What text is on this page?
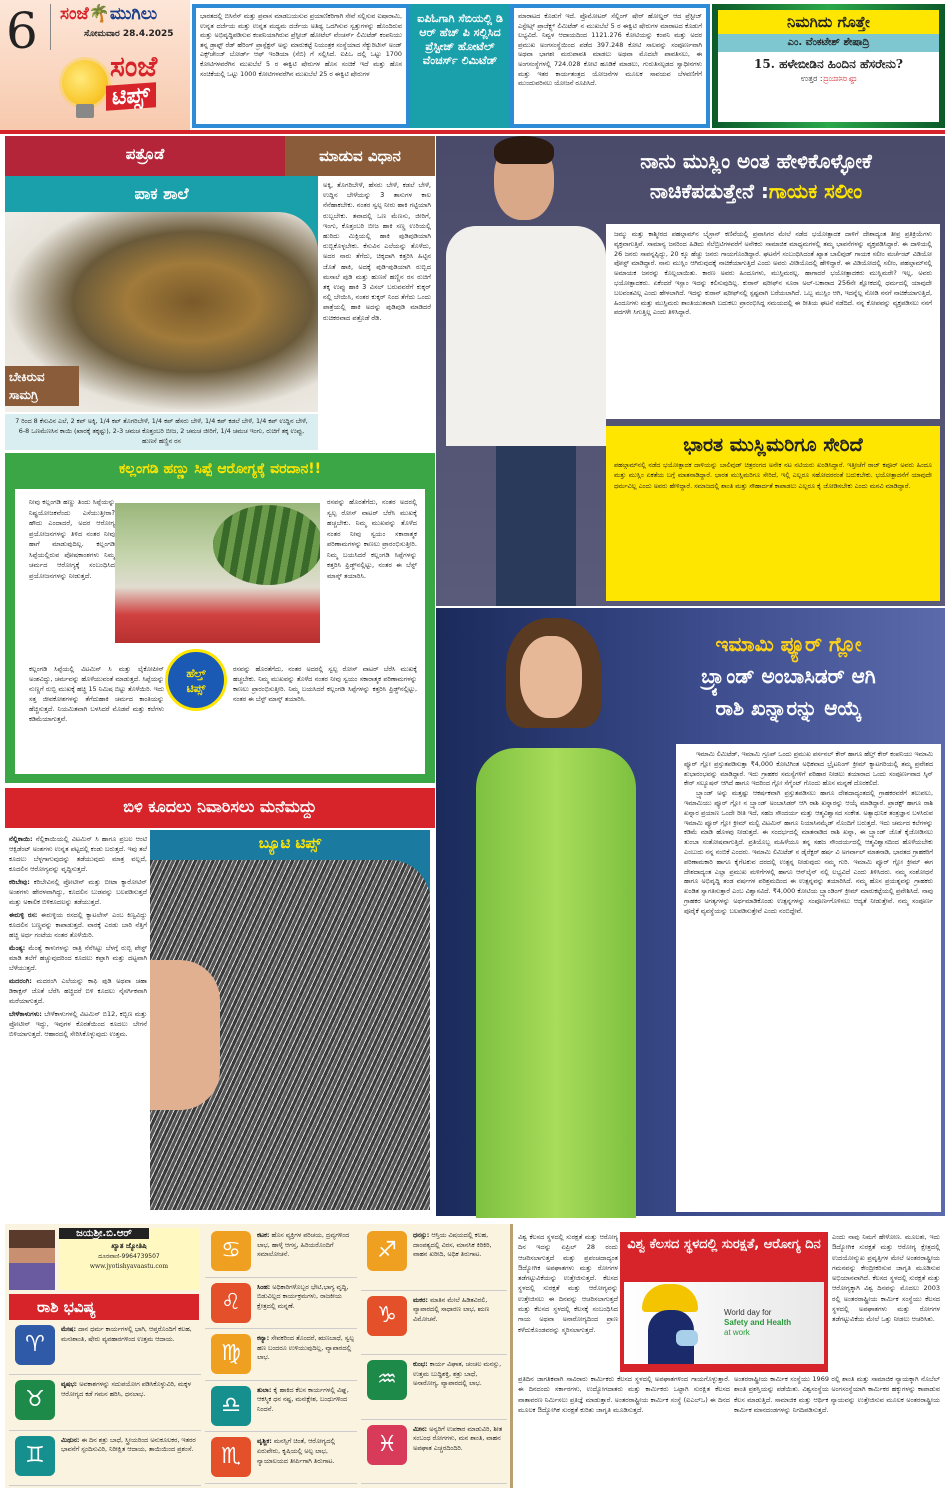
6 ಸಂಜೆ🌴ಮುಗಿಲು
ಸೋಮವಾರ 28.4.2025
ಸಂಜೆ
ಟಿಪ್ಸ್
ಭಾರತದಲ್ಲಿ ಬಿಸಿನೆಸ್ ಮತ್ತು ಪ್ರವಾಸ ಮಾಡಬಯಸುವ ಪ್ರಯಾಣಿಕರಿಗಾಗಿ ಸೇವೆ ಸಲ್ಲಿಸುವ ಐಷಾರಾಮಿ, ಉನ್ನತ ದರ್ಜೆಯ ಮತ್ತು ಉನ್ನತ ಮಧ್ಯಮ ದರ್ಜೆಯ ಅತಿಥ್ಯ ಒದಗಿಸುವ ಸ್ವತ್ತುಗಳನ್ನು ಹೊಂದಿರುವ ಮತ್ತು ಅಭಿವೃದ್ಧಿಪಡಿಸುವ ಕಂಪನಿಯಾಗಿರುವ ಪ್ರೆಸ್ಟೀಜ್ ಹೋಟೆಲ್ ವೆಂಚರ್ಸ್ ಲಿಮಿಟೆಡ್ ಕಂಪನಿಯು ತನ್ನ ಡ್ರಾಫ್ಟ್ ರೆಡ್ ಹೆರಿಂಗ್ ಪ್ರಾಸ್ಪೆಕ್ಟಸ್ ಅನ್ನು ಮಾರುಕಟ್ಟೆ ನಿಯಂತ್ರಕ ಸಂಸ್ಥೆಯಾದ ಸೆಕ್ಯುರಿಟೀಸ್ ಅಂಡ್ ಎಕ್ಸ್‌ಚೇಂಜ್ ಬೋರ್ಡ್ ಆಫ್ ಇಂಡಿಯಾ (ಸೆಬಿ) ಗೆ ಸಲ್ಲಿಸಿದೆ. ಐಪಿಒ ದಲ್ಲಿ ಒಟ್ಟು 1700 ಕೋಟಿಗಳವರೆಗಿನ ಮುಖಬೆಲೆ 5 ರ ಈಕ್ವಿಟಿ ಷೇರುಗಳ ಹೊಸ ಸಂಚಿಕೆ ಇದೆ ಮತ್ತು ಹೊಸ ಸಂಚಿಕೆಯಲ್ಲಿ ಒಟ್ಟು 1000 ಕೋಟಿಗಳವರೆಗಿನ ಮುಖಬೆಲೆ 25 ರ ಈಕ್ವಿಟಿ ಷೇರುಗಳ
ಐಪಿಓಗಾಗಿ ಸೆಬಿಯಲ್ಲಿ ಡಿ ಆರ್ ಹೆಚ್ ಪಿ ಸಲ್ಲಿಸಿದ ಪ್ರೆಸ್ಟೀಜ್ ಹೋಟೆಲ್ ವೆಂಚರ್ಸ್ ಲಿಮಿಟೆಡ್
ಮಾರಾಟದ ಕೊಡುಗೆ ಇದೆ. ಪ್ರೊಮೋಟರ್ ಸೆಲ್ಲಿಂಗ್ ಷೇರ್ ಹೋಲ್ಡರ್ ಆದ ಪ್ರೆಸ್ಟೀಜ್ ಎಸ್ಟೇಟ್ಸ್ ಪ್ರಾಜೆಕ್ಟ್ಸ್ ಲಿಮಿಟೆಡ್ ನ ಮುಖಬೆಲೆ 5 ರ ಈಕ್ವಿಟಿ ಷೇರುಗಳ ಮಾರಾಟದ ಕೊಡುಗೆ ಲಭ್ಯವಿದೆ. ನಿವ್ವಳ ಆದಾಯದಿಂದ 1121.276 ಕೋಟಿಯನ್ನು ಕಂಪನಿ ಮತ್ತು ಅದರ ಪ್ರಮುಖ ಅಂಗಸಂಸ್ಥೆಯಿಂದ ಪಡೆದ 397.248 ಕೋಟಿ ಸಾಲವನ್ನು ಸಂಪೂರ್ಣವಾಗಿ ಅಥವಾ ಭಾಗಶಃ ಮರುಪಾವತಿ ಮಾಡಲು ಅಥವಾ ಮೊದಲೇ ಪಾವತಿಸಲು, ಈ ಅಂಗಸಂಸ್ಥೆಗಳಲ್ಲಿ 724.028 ಕೋಟಿ ಹೂಡಿಕೆ ಮಾಡಲು, ಗುರುತಿಸಲ್ಪಡದ ಸ್ವಾಧೀನಗಳು ಮತ್ತು ಇತರ ಕಾರ್ಯತಂತ್ರದ ಯೋಜನೆಗಳ ಮೂಲಕ ಸಾವಯವ ಬೆಳವಣಿಗೆಗೆ ಮುಂದುವರಿಸಲು ಯೋಜನೆ ರೂಪಿಸಿದೆ.
ನಿಮಗಿದು ಗೊತ್ತೇ
ಎಂ. ವೆಂಕಟೇಶ್ ಶೇಷಾದ್ರಿ
15. ಹಳೇಬೀಡಿನ ಹಿಂದಿನ ಹೆಸರೇನು?
ಉತ್ತರ :ದ್ವಾರಸಮುದ್ರ
ಪತ್ರೊಡೆ	ಮಾಡುವ ವಿಧಾನ
ಪಾಕ ಶಾಲೆ
ಬೇಕಿರುವ ಸಾಮಗ್ರಿ
7 ರಿಂದ 8 ಕೆಸುವಿನ ಎಲೆ, 2 ಕಪ್ ಅಕ್ಕಿ, 1/4 ಕಪ್ ತೊಗರಿಬೇಳೆ, 1/4 ಕಪ್ ಹೆಸರು ಬೇಳೆ, 1/4 ಕಪ್ ಕಡಲೆ ಬೇಳೆ, 1/4 ಕಪ್ ಉದ್ದಿನ ಬೇಳೆ, 6-8 ಒಣಮೆಣಸಿನ ಕಾಯಿ (ಖಾರಕ್ಕೆ ತಕ್ಕಷ್ಟು), 2-3 ಚಮಚ ಕೊತ್ತಂಬರಿ ಬೀಜ, 2 ಚಮಚ ಜೀರಿಗೆ, 1/4 ಚಮಚ ಇಂಗು, ರುಚಿಗೆ ತಕ್ಕ ಉಪ್ಪು, ಹುಣಸೆ ಹಣ್ಣಿನ ರಸ
ಅಕ್ಕಿ, ತೊಗರಿಬೇಳೆ, ಹೆಸರು ಬೇಳೆ, ಕಡಲೆ ಬೇಳೆ, ಉದ್ದಿನ ಬೇಳೆಯನ್ನು 3 ತಾಸುಗಳ ಕಾಲ ನೆನೆಹಾಕಬೇಕು. ನಂತರ ಸ್ವಲ್ಪ ನೀರು ಹಾಕಿ ಗಟ್ಟಿಯಾಗಿ ರುಬ್ಬಬೇಕು. ತವಾದಲ್ಲಿ ಒಣ ಮೆಣಸು, ಜೀರಿಗೆ, ಇಂಗು, ಕೊತ್ತಂಬರಿ ಬೀಜ ಹಾಕಿ ಸಣ್ಣ ಉರಿಯಲ್ಲಿ ಹುರಿದು ಮಿಕ್ಸಿಯಲ್ಲಿ ಹಾಕಿ ಪುಡಿಪುಡಿಯಾಗಿ ರುಬ್ಬಿಕೊಳ್ಳಬೇಕು. ಕೆಸುವಿನ ಎಲೆಯನ್ನು ತೊಳೆದು, ಅದರ ನಾರು ತೆಗೆದು, ಚಿಕ್ಕದಾಗಿ ಕತ್ತರಿಸಿ ಹಿಟ್ಟಿನ ಜೊತೆ ಹಾಕಿ, ಅದಕ್ಕೆ ಪುಡಿ-ಪುಡಿಯಾಗಿ ರುಬ್ಬಿದ ಮಸಾಲೆ ಪುಡಿ ಮತ್ತು ಹುಣಸೆ ಹಣ್ಣಿನ ರಸ ರುಚಿಗೆ ತಕ್ಕ ಉಪ್ಪು ಹಾಕಿ 3 ವಿಸಲ್ ಬರುವವರೆಗೆ ಕುಕ್ಕರ್ ನಲ್ಲಿ ಬೇಯಿಸಿ, ನಂತರ ಕುಕ್ಕರ್ ನಿಂದ ತೆಗೆದು ಒಂದು ಪಾತ್ರೆಯಲ್ಲಿ ಹಾಕಿ ಅದನ್ನು ಪುಡಿಪುಡಿ ಮಾಡಿದರೆ ರುಚಿಕರವಾದ ಪತ್ರೊಡೆ ರೆಡಿ.
ಕಲ್ಲಂಗಡಿ ಹಣ್ಣು ಸಿಪ್ಪೆ ಆರೋಗ್ಯಕ್ಕೆ ವರದಾನ!!
ನೀವು ಕಲ್ಲಂಗಡಿ ಹಣ್ಣು ತಿಂದು ಸಿಪ್ಪೆಯನ್ನು ನಿಷ್ಪ್ರಯೋಜಕವೆಂದು ಎಸೆಯುತ್ತೀರಾ? ಹೌದು ಎಂದಾದರೆ, ಅದರ ಆರೋಗ್ಯ ಪ್ರಯೋಜನಗಳನ್ನು ತಿಳಿದ ನಂತರ ನೀವು ಹಾಗೆ ಮಾಡುವುದಿಲ್ಲ. ಕಲ್ಲಂಗಡಿ ಸಿಪ್ಪೆಯಲ್ಲಿರುವ ಪೋಷಕಾಂಶಗಳು ನಿಮ್ಮ ಚರ್ಮದ ಆರೋಗ್ಯಕ್ಕೆ ಸಂಬಂಧಿಸಿದ ಪ್ರಯೋಜನಗಳನ್ನು ನೀಡುತ್ತದೆ.
ರಸವನ್ನು ಹೊರತೆಗೆದು, ನಂತರ ಅದರಲ್ಲಿ ಸ್ವಲ್ಪ ರೋಸ್ ವಾಟರ್ ಬೆರೆಸಿ ಮುಖಕ್ಕೆ ಹಚ್ಚಬೇಕು. ನಿಮ್ಮ ಮುಖವನ್ನು ತೊಳೆದ ನಂತರ ನೀವು ಸ್ವಯಂ ಸಕಾರಾತ್ಮಕ ಪರಿಣಾಮಗಳನ್ನು ಕಾಣಲು ಪ್ರಾರಂಭಿಸುತ್ತೀರಿ. ನಿಮ್ಮ ಬಯಸಿದರೆ ಕಲ್ಲಂಗಡಿ ಸಿಪ್ಪೆಗಳನ್ನು ಕತ್ತರಿಸಿ ಫ್ರಿಡ್ಜ್‌ನಲ್ಲಿಟ್ಟು, ನಂತರ ಈ ಬೆಸ್ಟ್ ಮಾಸ್ಕ್ ತಯಾರಿಸಿ.
ಹೆಲ್ತ್
ಟಿಪ್ಸ್
ಕಲ್ಲಂಗಡಿ ಸಿಪ್ಪೆಯಲ್ಲಿ ವಿಟಮಿನ್ ಸಿ ಮತ್ತು ಲೈಕೋಪೀನ್ ಅಂಶವಿದ್ದು, ಚರ್ಮವನ್ನು ಹೊಳೆಯುವಂತೆ ಮಾಡುತ್ತದೆ. ಸಿಪ್ಪೆಯನ್ನು ನುಣ್ಣಗೆ ರುಬ್ಬಿ ಮುಖಕ್ಕೆ ಹಚ್ಚಿ 15 ನಿಮಿಷ ಬಿಟ್ಟು ತೊಳೆಯಿರಿ. ಇದು ಸತ್ತ ಜೀವಕೋಶಗಳನ್ನು ತೆಗೆದುಹಾಕಿ ಚರ್ಮದ ಕಾಂತಿಯನ್ನು ಹೆಚ್ಚಿಸುತ್ತದೆ. ನಿಯಮಿತವಾಗಿ ಬಳಸಿದರೆ ಮೊಡವೆ ಮತ್ತು ಕಲೆಗಳು ಕಡಿಮೆಯಾಗುತ್ತವೆ.
ರಸವನ್ನು ಹೊರತೆಗೆದು, ನಂತರ ಅದರಲ್ಲಿ ಸ್ವಲ್ಪ ರೋಸ್ ವಾಟರ್ ಬೆರೆಸಿ ಮುಖಕ್ಕೆ ಹಚ್ಚಬೇಕು. ನಿಮ್ಮ ಮುಖವನ್ನು ತೊಳೆದ ನಂತರ ನೀವು ಸ್ವಯಂ ಸಕಾರಾತ್ಮಕ ಪರಿಣಾಮಗಳನ್ನು ಕಾಣಲು ಪ್ರಾರಂಭಿಸುತ್ತೀರಿ. ನಿಮ್ಮ ಬಯಸಿದರೆ ಕಲ್ಲಂಗಡಿ ಸಿಪ್ಪೆಗಳನ್ನು ಕತ್ತರಿಸಿ ಫ್ರಿಡ್ಜ್‌ನಲ್ಲಿಟ್ಟು, ನಂತರ ಈ ಬೆಸ್ಟ್ ಮಾಸ್ಕ್ ತಯಾರಿಸಿ.
ಬಿಳಿ ಕೂದಲು ನಿವಾರಿಸಲು ಮನೆಮದ್ದು

ನೆಲ್ಲಿಕಾಯಿ: ನೆಲ್ಲಿಕಾಯಿಯಲ್ಲಿ ವಿಟಮಿನ್ ಸಿ ಹಾಗೂ ಪ್ರಬಲ ಆಂಟಿ ಆಕ್ಸಿಡೆಂಟ್ ಅಂಶಗಳು ಉನ್ನತ ಪಟ್ಟದಲ್ಲಿ ಕಂಡು ಬರುತ್ತದೆ. ಇವು ತಲೆ ಕೂದಲು ಬೆಳ್ಳಗಾಗುವುದನ್ನು ತಡೆಯುವುದು ಮಾತ್ರ ವಲ್ಲದೆ, ಕೂದಲಿನ ಆರೋಗ್ಯವನ್ನು ವೃದ್ಧಿಸುತ್ತದೆ.

ಕರಿಬೇವು: ಕರಿಬೇವಿನಲ್ಲಿ ಪ್ರೋಟೀನ್ ಮತ್ತು ಬೀಟಾ ಕ್ಯಾರೋಟಿನ್ ಅಂಶಗಳು ಹೇರಳವಾಗಿದ್ದು, ಕೂದಲಿನ ಬುಡವನ್ನು ಬಲಪಡಿಸುತ್ತದೆ ಮತ್ತು ಅಕಾಲಿಕ ಬಿಳಿಕೂದಲನ್ನು ತಡೆಯುತ್ತದೆ.

ಈರುಳ್ಳಿ ರಸ: ಈರುಳ್ಳಿಯ ರಸದಲ್ಲಿ ಕ್ಯಾಟಲೇಸ್ ಎಂಬ ಕಿಣ್ವವಿದ್ದು ಕೂದಲಿನ ಬಣ್ಣವನ್ನು ಕಾಪಾಡುತ್ತದೆ. ವಾರಕ್ಕೆ ಎರಡು ಬಾರಿ ನೆತ್ತಿಗೆ ಹಚ್ಚಿ ಅರ್ಧ ಗಂಟೆಯ ನಂತರ ತೊಳೆಯಿರಿ.

ಮೆಂತ್ಯ: ಮೆಂತ್ಯೆ ಕಾಳುಗಳನ್ನು ರಾತ್ರಿ ನೆನೆಸಿಟ್ಟು ಬೆಳಗ್ಗೆ ರುಬ್ಬಿ ಪೇಸ್ಟ್ ಮಾಡಿ ತಲೆಗೆ ಹಚ್ಚುವುದರಿಂದ ಕೂದಲು ಕಪ್ಪಾಗಿ ಮತ್ತು ದಟ್ಟವಾಗಿ ಬೆಳೆಯುತ್ತದೆ.

ಮದರಂಗಿ: ಮದರಂಗಿ ಎಲೆಯನ್ನು ಕಾಫಿ ಪುಡಿ ಅಥವಾ ಚಹಾ ಡಿಕಾಕ್ಷನ್ ಜೊತೆ ಬೆರೆಸಿ ಹಚ್ಚಿದರೆ ಬಿಳಿ ಕೂದಲು ನೈಸರ್ಗಿಕವಾಗಿ ಮರೆಯಾಗುತ್ತದೆ.

ಬೇಳೆಕಾಳುಗಳು: ಬೇಳೆಕಾಳುಗಳಲ್ಲಿ ವಿಟಮಿನ್ ಬಿ12, ಕಬ್ಬಿಣ ಮತ್ತು ಪ್ರೋಟೀನ್ ಇದ್ದು, ಇವುಗಳ ಕೊರತೆಯಿಂದ ಕೂದಲು ಬೇಗನೆ ಬಿಳಿಯಾಗುತ್ತದೆ. ಆಹಾರದಲ್ಲಿ ಸೇರಿಸಿಕೊಳ್ಳುವುದು ಉತ್ತಮ.

ಬ್ಯೂಟಿ ಟಿಪ್ಸ್
ನಾನು ಮುಸ್ಲಿಂ ಅಂತ ಹೇಳಿಕೊಳ್ಳೋಕೆ
ನಾಚಿಕೆಪಡುತ್ತೇನೆ :ಗಾಯಕ ಸಲೀಂ
ಜಮ್ಮು ಮತ್ತು ಕಾಶ್ಮೀರದ ಪಹಲ್ಗಾಮ್‌ನ ಬೈಸ್ರಾನ್ ಕಣಿವೆಯಲ್ಲಿ ಪ್ರವಾಸಿಗರ ಮೇಲೆ ನಡೆದ ಭಯೋತ್ಪಾದಕ ದಾಳಿಗೆ ದೇಶಾದ್ಯಂತ ತೀವ್ರ ಪ್ರತಿಕ್ರಿಯೆಗಳು ವ್ಯಕ್ತವಾಗುತ್ತಿವೆ. ಸಾಮಾನ್ಯ ಜನರಿಂದ ಹಿಡಿದು ಸೆಲೆಬ್ರಿಟಿಗಳವರೆಗೆ ಅನೇಕರು ಸಾಮಾಜಿಕ ಮಾಧ್ಯಮಗಳಲ್ಲಿ ತಮ್ಮ ಭಾವನೆಗಳನ್ನು ವ್ಯಕ್ತಪಡಿಸಿದ್ದಾರೆ. ಈ ದಾಳಿಯಲ್ಲಿ 26 ಜನರು ಸಾವನ್ನಪ್ಪಿದ್ದು, 20 ಕ್ಕೂ ಹೆಚ್ಚು ಜನರು ಗಾಯಗೊಂಡಿದ್ದಾರೆ. ಘಟನೆಗೆ ಸಂಬಂಧಿಸಿದಂತೆ ಖ್ಯಾತ ಬಾಲಿವುಡ್ ಗಾಯಕ ಸಲೀಂ ಮರ್ಚೆಂಟ್ ವಿಡಿಯೋ ಪೋಸ್ಟ್ ಮಾಡಿದ್ದಾರೆ. ನಾನು ಮುಸ್ಲಿಂ ಆಗಿರುವುದಕ್ಕೆ ನಾಚಿಕೆಯಾಗುತ್ತಿದೆ ಎಂದು ಅವರು ವೀಡಿಯೊದಲ್ಲಿ ಹೇಳಿದ್ದಾರೆ. ಈ ವಿಡಿಯೋದಲ್ಲಿ ಸಲೀಂ, ಪಹಲ್ಗಾಮ್‌ನಲ್ಲಿ ಅಮಾಯಕ ಜನರನ್ನು ಕೊಲ್ಲಲಾಯಿತು. ಕಾರಣ ಅವರು ಹಿಂದೂಗಳು, ಮುಸ್ಲಿಮರಲ್ಲ. ಹಾಗಾದರೆ ಭಯೋತ್ಪಾದಕರು ಮುಸ್ಲಿಮರೇ? ಇಲ್ಲ, ಅವರು ಭಯೋತ್ಪಾದಕರು. ಏಕೆಂದರೆ ಇಸ್ಲಾಂ ಇದನ್ನು ಕಲಿಸುವುದಿಲ್ಲ. ಕುರಾನ್ ಷರೀಫ್‌ನ ಸೂರಾ ಅಲ್-ಬಕಾರಾದ 256ನೇ ಶ್ಲೋಕದಲ್ಲಿ ಧರ್ಮದಲ್ಲಿ ಯಾವುದೇ ಬಲವಂತವಿಲ್ಲ ಎಂದು ಹೇಳಲಾಗಿದೆ. ಇದನ್ನು ಕುರಾನ್ ಷರೀಫ್‌ನಲ್ಲಿ ಸ್ಪಷ್ಟವಾಗಿ ಬರೆಯಲಾಗಿದೆ. ಒಬ್ಬ ಮುಸ್ಲಿಂ ಆಗಿ, ಇದನ್ನೆಲ್ಲ ನೋಡಿ ನನಗೆ ನಾಚಿಕೆಯಾಗುತ್ತಿದೆ, ಹಿಂದೂಗಳು ಮತ್ತು ಮುಸ್ಲಿಮರು ಶಾಂತಿಯುತವಾಗಿ ಬದುಕಲು ಪ್ರಾರಂಭಿಸಿದ್ದ ಸಮಯದಲ್ಲಿ ಈ ರೀತಿಯ ಘಟನೆ ನಡೆದಿದೆ. ನನ್ನ ಕೋಪವನ್ನು ವ್ಯಕ್ತಪಡಿಸಲು ನನಗೆ ಪದಗಳೇ ಸಿಗುತ್ತಿಲ್ಲ ಎಂದು ತಿಳಿಸಿದ್ದಾರೆ.
ಭಾರತ ಮುಸ್ಲಿಮರಿಗೂ ಸೇರಿದೆ
ಪಹಲ್ಗಾಮ್‌ನಲ್ಲಿ ನಡೆದ ಭಯೋತ್ಪಾದಕ ದಾಳಿಯನ್ನು ಬಾಲಿವುಡ್ ಚಿತ್ರರಂಗದ ಅನೇಕ ನಟ ನಟಿಯರು ಖಂಡಿಸಿದ್ದಾರೆ. ಇತ್ತೀಚೆಗೆ ರಾಜ್ ಕಪೂರ್ ಅವರು ಹಿಂದೂ ಮತ್ತು ಮುಸ್ಲಿಂ ಏಕತೆಯ ಬಗ್ಗೆ ಮಾತನಾಡಿದ್ದಾರೆ. ಭಾರತ ಮುಸ್ಲಿಮರಿಗೂ ಸೇರಿದೆ, ಇಲ್ಲಿ ಎಲ್ಲರೂ ಸಹೋದರರಂತೆ ಬದುಕಬೇಕು. ಭಯೋತ್ಪಾದನೆಗೆ ಯಾವುದೇ ಧರ್ಮವಿಲ್ಲ ಎಂದು ಅವರು ಹೇಳಿದ್ದಾರೆ. ಸಮಾಜದಲ್ಲಿ ಶಾಂತಿ ಮತ್ತು ಸೌಹಾರ್ದತೆ ಕಾಪಾಡಲು ಎಲ್ಲರೂ ಕೈ ಜೋಡಿಸಬೇಕು ಎಂದು ಮನವಿ ಮಾಡಿದ್ದಾರೆ.
ಇಮಾಮಿ ಪ್ಯೂರ್ ಗ್ಲೋ
ಬ್ರ್ಯಾಂಡ್ ಅಂಬಾಸಿಡರ್ ಆಗಿ
ರಾಶಿ ಖನ್ನಾರನ್ನು ಆಯ್ಕೆ

ಇಮಾಮಿ ಲಿಮಿಟೆಡ್, ಇಮಾಮಿ ಗ್ರೂಪ್ ಒಂದು ಪ್ರಮುಖ ಪರ್ಸನಲ್ ಕೇರ್ ಹಾಗೂ ಹೆಲ್ತ್ ಕೇರ್ ಕಂಪನಿಯು ಇಮಾಮಿ ಪ್ಯೂರ್ ಗ್ಲೋ ಪ್ರಸ್ತುತಪಡಿಸುತ್ತಾ ₹4,000 ಕೋಟಿಗಿಂತ ಅಧಿಕವಾದ ಬ್ರೈಟನಿಂಗ್ ಕ್ರೀಮ್ ಕ್ಯಾಟಗರಿಯಲ್ಲಿ ತಮ್ಮ ಪ್ರವೇಶದ ಶುಭಾರಂಭವನ್ನು ಮಾಡಿದ್ದಾರೆ. ಇದು ಗ್ರಾಹಕರ ಸಮಸ್ಯೆಗಳಿಗೆ ಪರಿಹಾರ ನೀಡಲು ತಯಾರಾದ ಒಂದು ಸಂಪೂರ್ಣವಾದ ಸ್ಕಿನ್ ಕೇರ್ ಸಲ್ಯೂಷನ್ ಆಗಿದೆ ಹಾಗೂ ಇದರಿಂದ ಗ್ಲೋ ಸೆಗ್ಮೆಂಟ್ ಗೊಂದು ಹೊಸ ಮನ್ನಣೆ ದೊರಕಲಿದೆ.

ಬ್ರ್ಯಾಂಡ್ ಅನ್ನು ಮತ್ತಷ್ಟು ಆಕರ್ಷಕವಾಗಿ ಪ್ರಸ್ತುತಪಡಿಸಲು ಹಾಗೂ ದೇಶದಾದ್ಯಂತದಲ್ಲಿ ಗ್ರಾಹಕರವರೆಗೆ ತಲುಪಲು, ಇಮಾಮಿಯು ಪ್ಯೂರ್ ಗ್ಲೋ ನ ಬ್ರ್ಯಾಂಡ್ ಅಂಬಾಸಿಡರ್ ಆಗಿ ರಾಶಿ ಖನ್ನಾರನ್ನು ಆಯ್ಕೆ ಮಾಡಿದ್ದಾರೆ. ಪ್ರಾಡಕ್ಟ್ ಹಾಗೂ ರಾಶಿ ಖನ್ನಾರ ಪ್ರಯಾಣ ಒಂದೇ ರೀತಿ ಇದೆ, ಸಹಜ ಸೌಂದರ್ಯ ಮತ್ತು ಆತ್ಮವಿಶ್ವಾಸದ ಸಂಕೇತ. ಅತ್ಯಾಧುನಿಕ ತಂತ್ರಜ್ಞಾನ ಬಳಸಿರುವ ಇಮಾಮಿ ಪ್ಯೂರ್ ಗ್ಲೋ ಕ್ರೀಮ್ ಮಲ್ಟಿ ವಿಟಮಿನ್ ಹಾಗೂ ನಿಯಾಸಿನಮೈಡ್ ನೊಂದಿಗೆ ಬರುತ್ತದೆ. ಇದು ಚರ್ಮದ ಕಲೆಗಳನ್ನು ಕಡಿಮೆ ಮಾಡಿ ಹೊಳಪು ನೀಡುತ್ತದೆ. ಈ ಸಂದರ್ಭದಲ್ಲಿ ಮಾತನಾಡಿದ ರಾಶಿ ಖನ್ನಾ, ಈ ಬ್ರ್ಯಾಂಡ್ ಜೊತೆ ಕೈಜೋಡಿಸಲು ತುಂಬಾ ಸಂತೋಷವಾಗುತ್ತಿದೆ. ಪ್ರತಿಯೊಬ್ಬ ಮಹಿಳೆಯೂ ತನ್ನ ಸಹಜ ಸೌಂದರ್ಯದಲ್ಲಿ ಆತ್ಮವಿಶ್ವಾಸದಿಂದ ಹೊಳೆಯಬೇಕು ಎಂಬುದು ನನ್ನ ನಂಬಿಕೆ ಎಂದರು. ಇಮಾಮಿ ಲಿಮಿಟೆಡ್ ನ ಡೈರೆಕ್ಟರ್ ಹರ್ಷ ವಿ ಅಗರ್ವಾಲ್ ಮಾತನಾಡಿ, ಭಾರತದ ಗ್ರಾಹಕರಿಗೆ ಪರಿಣಾಮಕಾರಿ ಹಾಗೂ ಕೈಗೆಟಕುವ ದರದಲ್ಲಿ ಉತ್ಪನ್ನ ನೀಡುವುದು ನಮ್ಮ ಗುರಿ. ಇಮಾಮಿ ಪ್ಯೂರ್ ಗ್ಲೋ ಕ್ರೀಮ್ ಈಗ ದೇಶದಾದ್ಯಂತ ಎಲ್ಲಾ ಪ್ರಮುಖ ಮಳಿಗೆಗಳಲ್ಲಿ ಹಾಗೂ ಆನ್‌ಲೈನ್ ನಲ್ಲಿ ಲಭ್ಯವಿದೆ ಎಂದು ತಿಳಿಸಿದರು. ನಮ್ಮ ಸಂಶೋಧನೆ ಹಾಗೂ ಅಭಿವೃದ್ಧಿ ತಂಡ ವರ್ಷಗಳ ಪರಿಶ್ರಮದಿಂದ ಈ ಉತ್ಪನ್ನವನ್ನು ತಯಾರಿಸಿದೆ. ನಮ್ಮ ಹೊಸ ಪ್ರಯತ್ನವನ್ನು ಗ್ರಾಹಕರು ಖಂಡಿತ ಸ್ವಾಗತಿಸುತ್ತಾರೆ ಎಂಬ ವಿಶ್ವಾಸವಿದೆ. ₹4,000 ಕೋಟಿಯ ಬ್ರ್ಯಾಂಡಿಂಗ್ ಕ್ರೀಮ್ ಮಾರುಕಟ್ಟೆಯಲ್ಲಿ ಪ್ರವೇಶಿಸಿದೆ. ನಾವು ಗ್ರಾಹಕರ ಅಗತ್ಯಗಳನ್ನು ಅರ್ಥಮಾಡಿಕೊಂಡು ಉತ್ಪನ್ನಗಳನ್ನು ಸಂಪೂರ್ಣಗೊಳಿಸಲು ಆದ್ಯತೆ ನೀಡುತ್ತೇವೆ. ನಮ್ಮ ಸಂಪೂರ್ಣ ಪೂರೈಕೆ ವ್ಯವಸ್ಥೆಯನ್ನು ಬಲಪಡಿಸುತ್ತೇವೆ ಎಂದು ನಂಬಿದ್ದೇವೆ.

ಜಯಶ್ರೀ.ಬಿ.ಆರ್
ಖ್ಯಾತ ಜ್ಯೋತಿಷಿ
ದೂರವಾಣಿ-9964739507
www.jyotishyavaastu.com
ರಾಶಿ ಭವಿಷ್ಯ
♈
ಮೇಷ: ದಾನ ಧರ್ಮ ಕಾರ್ಯಗಳಲ್ಲಿ ಭಾಗಿ, ಆಪ್ತರೊಂದಿಗೆ ಕಲಹ, ಮನಃಶಾಂತಿ, ಷೇರು ವ್ಯವಹಾರಗಳಿಂದ ಉತ್ತಮ ಆದಾಯ.
♉
ವೃಷಭ: ಅವಕಾಶಗಳನ್ನು ಸದುಪಯೋಗ ಪಡಿಸಿಕೊಳ್ಳುವಿರಿ, ಮಕ್ಕಳ ಆರೋಗ್ಯದ ಕಡೆ ಗಮನ ಹರಿಸಿ, ಧನಲಾಭ.
♊
ಮಿಥುನ: ಈ ದಿನ ಶತ್ರು ಬಾಧೆ, ಸ್ತ್ರೀಯರಿಂದ ಅನುಕೂಲಕರ, ಇತರರ ಭಾವನೆಗೆ ಸ್ಪಂದಿಸುವಿರಿ, ನಿರೀಕ್ಷಿತ ಆದಾಯ, ತಾಯಿಯಿಂದ ಪ್ರಶಂಸೆ.
♋
ಕಟಕ: ಹೊಸ ವ್ಯಕ್ತಿಗಳ ಪರಿಚಯ, ದ್ರವ್ಯಗಳಿಂದ ಲಾಭ, ಹಾಳ್ಕೆ ಆಗಸ್ತ, ಹಿರಿಯರೊಂದಿಗೆ ಸಮಾಲೋಚನೆ.
♌
ಸಿಂಹ: ಅಧಿಕಾರಿಗಳೊಬ್ಬರ ಭೇಟಿ,ಭಾಗ್ಯ ವೃದ್ಧಿ, ಬಿಡುವಿಲ್ಲದ ಕಾರ್ಯಕ್ರಮಗಳು, ರಾಜಕೀಯ ಕ್ಷೇತ್ರದಲ್ಲಿ ಮನ್ನಣೆ.
♍
ಕನ್ಯಾ: ಸೇವಕರಿಂದ ತೊಂದರೆ, ಋಣಬಾಧೆ, ಸ್ವಲ್ಪ ಹಣ ಬಂದರೂ ಉಳಿಯುವುದಿಲ್ಲ, ವ್ಯಾಪಾರದಲ್ಲಿ ಲಾಭ.
♎
ತುಲಾ: ಕೈ ಹಾಕಿದ ಕೆಲಸ ಕಾರ್ಯಗಳಲ್ಲಿ ವಿಘ್ನ, ಆಕಸ್ಮಿಕ ಧನ ನಷ್ಟ, ಮನಃಕ್ಲೇಶ, ಬಂಧುಗಳಿಂದ ನಿಂದನೆ.
♏
ವೃಶ್ಚಿಕ: ಮನಸ್ಸಿಗೆ ಚಿಂತೆ, ಆರೋಗ್ಯದಲ್ಲಿ ಏರುಪೇರು, ಕೃಷಿಯಲ್ಲಿ ಅಲ್ಪ ಲಾಭ, ನ್ಯಾಯಾಲಯದ ತೀರ್ಪಿಗಾಗಿ ತಿರುಗಾಟ.
♐
ಧನಸ್ಸು: ಆಸ್ತಿಯ ವಿಷಯದಲ್ಲಿ ಕಲಹ, ದಾಂಪತ್ಯದಲ್ಲಿ ವಿರಸ, ಮಾನಸಿಕ ಕಿರಿಕಿರಿ, ವಾಹನ ಖರೀದಿ, ಅಧಿಕ ತಿರುಗಾಟ.
♑
ಮಕರ: ಮಾತಿನ ಮೇಲೆ ಹಿಡಿತವಿರಲಿ, ವ್ಯಾಪಾರದಲ್ಲಿ ಸಾಧಾರಣ ಲಾಭ, ಋಣ ವಿಮೋಚನೆ.
♒
ಕುಂಭ: ಕಾರ್ಯ ವಿಘಾತ, ಚಂಚಲ ಮನಸ್ಸು, ಉತ್ತಮ ಬುದ್ಧಿಶಕ್ತಿ, ಶತ್ರು ಬಾಧೆ, ಅನಾರೋಗ್ಯ, ವ್ಯಾಪಾರದಲ್ಲಿ ಲಾಭ.
♓
ಮೀನ: ಅನ್ಯರಿಗೆ ಉಪಕಾರ ಮಾಡುವಿರಿ, ಶೀತ ಸಂಬಂಧ ರೋಗಗಳು, ಮನ ಶಾಂತಿ, ವಾಹನ ಅಪಘಾತ ಎಚ್ಚರದಿಂದಿರಿ.
ವಿಶ್ವ ಕೆಲಸದ ಸ್ಥಳದಲ್ಲಿ ಸುರಕ್ಷತೆ ಮತ್ತು ಆರೋಗ್ಯ ದಿನ ಇದನ್ನು ಏಪ್ರಿಲ್ 28 ರಂದು ಆಚರಿಸಲಾಗುತ್ತದೆ ಮತ್ತು ಪ್ರಪಂಚದಾದ್ಯಂತ ಔದ್ಯೋಗಿಕ ಅಪಘಾತಗಳು ಮತ್ತು ರೋಗಗಳ ತಡೆಗಟ್ಟುವಿಕೆಯನ್ನು ಉತ್ತೇಜಿಸುತ್ತದೆ. ಕೆಲಸದ ಸ್ಥಳದಲ್ಲಿ ಸುರಕ್ಷತೆ ಮತ್ತು ಆರೋಗ್ಯವನ್ನು ಉತ್ತೇಜಿಸಲು ಈ ದಿನವನ್ನು ಆಚರಿಸಲಾಗುತ್ತದೆ ಮತ್ತು ಕೆಲಸದ ಸ್ಥಳದಲ್ಲಿ ಕೆಲಸಕ್ಕೆ ಸಂಬಂಧಿಸಿದ ಗಾಯ ಅಥವಾ ಅನಾರೋಗ್ಯದಿಂದ ಪ್ರಾಣ ಕಳೆದುಕೊಂಡವರನ್ನು ಸ್ಮರಿಸಲಾಗುತ್ತದೆ.
ವಿಶ್ವ ಕೆಲಸದ ಸ್ಥಳದಲ್ಲಿ ಸುರಕ್ಷತೆ, ಆರೋಗ್ಯ ದಿನ
World day for
Safety and Health
at work
ಎಂದು ನಾವು ನಿಮಗೆ ಹೇಳೋಣ. ಮೂಲತಃ, ಇದು ಔದ್ಯೋಗಿಕ ಸುರಕ್ಷತೆ ಮತ್ತು ಆರೋಗ್ಯ ಕ್ಷೇತ್ರದಲ್ಲಿ ಉದಯೋನ್ಮುಖ ಪ್ರವೃತ್ತಿಗಳ ಮೇಲೆ ಅಂತರರಾಷ್ಟ್ರೀಯ ಗಮನವನ್ನು ಕೇಂದ್ರೀಕರಿಸುವ ಜಾಗೃತಿ ಮೂಡಿಸುವ ಅಭಿಯಾನವಾಗಿದೆ. ಕೆಲಸದ ಸ್ಥಳದಲ್ಲಿ ಸುರಕ್ಷತೆ ಮತ್ತು ಆರೋಗ್ಯಕ್ಕಾಗಿ ವಿಶ್ವ ದಿನವನ್ನು ಮೊದಲು 2003 ರಲ್ಲಿ ಅಂತರರಾಷ್ಟ್ರೀಯ ಕಾರ್ಮಿಕ ಸಂಸ್ಥೆಯು ಕೆಲಸದ ಸ್ಥಳದಲ್ಲಿ ಅಪಘಾತಗಳು ಮತ್ತು ರೋಗಗಳ ತಡೆಗಟ್ಟುವಿಕೆಯ ಮೇಲೆ ಒತ್ತು ನೀಡಲು ಆಚರಿಸಿತು.
ಪ್ರತಿದಿನ ಜಾಗತಿಕವಾಗಿ ಸಾವಿರಾರು ಕಾರ್ಮಿಕರು ಕೆಲಸದ ಸ್ಥಳದಲ್ಲಿ ಅಪಘಾತಗಳಿಂದ ಗಾಯಗೊಳ್ಳುತ್ತಾರೆ. ಈ ದಿನದಂದು ಸರ್ಕಾರಗಳು, ಉದ್ಯೋಗದಾತರು ಮತ್ತು ಕಾರ್ಮಿಕರು ಒಟ್ಟಾಗಿ ಸುರಕ್ಷಿತ ಕೆಲಸದ ವಾತಾವರಣ ನಿರ್ಮಿಸಲು ಪ್ರತಿಜ್ಞೆ ಮಾಡುತ್ತಾರೆ. ಅಂತರರಾಷ್ಟ್ರೀಯ ಕಾರ್ಮಿಕ ಸಂಸ್ಥೆ (ಐಎಲ್ಒ) ಈ ದಿನದ ಮೂಲಕ ಔದ್ಯೋಗಿಕ ಸುರಕ್ಷತೆ ಕುರಿತು ಜಾಗೃತಿ ಮೂಡಿಸುತ್ತದೆ.
ಅಂತರರಾಷ್ಟ್ರೀಯ ಕಾರ್ಮಿಕ ಸಂಸ್ಥೆಯು 1969 ರಲ್ಲಿ ಶಾಂತಿ ಮತ್ತು ಸಾಮಾಜಿಕ ನ್ಯಾಯಕ್ಕಾಗಿ ನೊಬೆಲ್ ಶಾಂತಿ ಪ್ರಶಸ್ತಿಯನ್ನು ಪಡೆಯಿತು. ವಿಶ್ವಸಂಸ್ಥೆಯ ಅಂಗಸಂಸ್ಥೆಯಾಗಿ ಕಾರ್ಮಿಕರ ಹಕ್ಕುಗಳನ್ನು ಕಾಪಾಡುವ ಕೆಲಸ ಮಾಡುತ್ತಿದೆ. ಸಾಮಾಜಿಕ ಮತ್ತು ಆರ್ಥಿಕ ನ್ಯಾಯವನ್ನು ಉತ್ತೇಜಿಸುವ ಮೂಲಕ ಅಂತರರಾಷ್ಟ್ರೀಯ ಕಾರ್ಮಿಕ ಮಾನದಂಡಗಳನ್ನು ನಿಗದಿಪಡಿಸುತ್ತದೆ.
